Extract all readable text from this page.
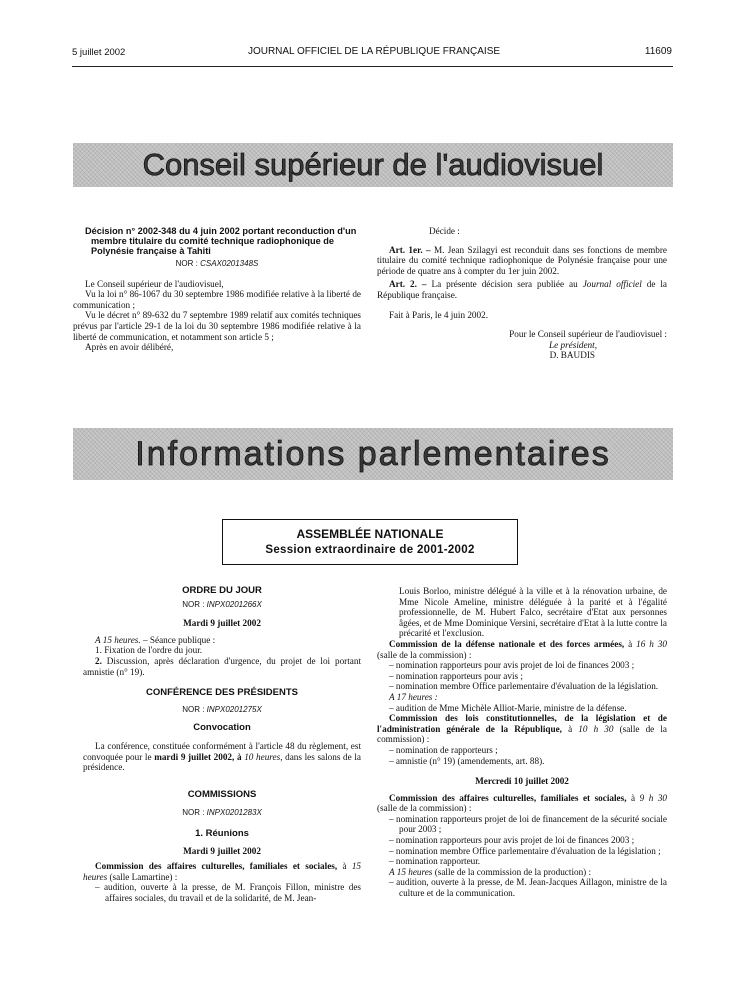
5 juillet 2002	JOURNAL OFFICIEL DE LA RÉPUBLIQUE FRANÇAISE	11609
Conseil supérieur de l'audiovisuel

Décision n° 2002-348 du 4 juin 2002 portant reconduction d'un membre titulaire du comité technique radiophonique de Polynésie française à Tahiti

NOR : CSAX0201348S

Le Conseil supérieur de l'audiovisuel,

Vu la loi n° 86-1067 du 30 septembre 1986 modifiée relative à la liberté de communication ;

Vu le décret n° 89-632 du 7 septembre 1989 relatif aux comités techniques prévus par l'article 29-1 de la loi du 30 septembre 1986 modifiée relative à la liberté de communication, et notamment son article 5 ;

Après en avoir délibéré,

Décide :

Art. 1er. – M. Jean Szilagyi est reconduit dans ses fonctions de membre titulaire du comité technique radiophonique de Polynésie française pour une période de quatre ans à compter du 1er juin 2002.

Art. 2. – La présente décision sera publiée au Journal officiel de la République française.

Fait à Paris, le 4 juin 2002.

Pour le Conseil supérieur de l'audiovisuel :

Le président,

D. BAUDIS

Informations parlementaires
ASSEMBLÉE NATIONALE
Session extraordinaire de 2001-2002

ORDRE DU JOUR

NOR : INPX0201266X

Mardi 9 juillet 2002

A 15 heures. – Séance publique :

1. Fixation de l'ordre du jour.

2. Discussion, après déclaration d'urgence, du projet de loi portant amnistie (n° 19).

CONFÉRENCE DES PRÉSIDENTS

NOR : INPX0201275X

Convocation

La conférence, constituée conformément à l'article 48 du règlement, est convoquée pour le mardi 9 juillet 2002, à 10 heures, dans les salons de la présidence.

COMMISSIONS

NOR : INPX0201283X

1. Réunions

Mardi 9 juillet 2002

Commission des affaires culturelles, familiales et sociales, à 15 heures (salle Lamartine) :

– audition, ouverte à la presse, de M. François Fillon, ministre des affaires sociales, du travail et de la solidarité, de M. Jean-

Louis Borloo, ministre délégué à la ville et à la rénovation urbaine, de Mme Nicole Ameline, ministre déléguée à la parité et à l'égalité professionnelle, de M. Hubert Falco, secrétaire d'Etat aux personnes âgées, et de Mme Dominique Versini, secrétaire d'Etat à la lutte contre la précarité et l'exclusion.

Commission de la défense nationale et des forces armées, à 16 h 30 (salle de la commission) :

– nomination rapporteurs pour avis projet de loi de finances 2003 ;

– nomination rapporteurs pour avis ;

– nomination membre Office parlementaire d'évaluation de la législation.

A 17 heures :

– audition de Mme Michèle Alliot-Marie, ministre de la défense.

Commission des lois constitutionnelles, de la législation et de l'administration générale de la République, à 10 h 30 (salle de la commission) :

– nomination de rapporteurs ;

– amnistie (n° 19) (amendements, art. 88).

Mercredi 10 juillet 2002

Commission des affaires culturelles, familiales et sociales, à 9 h 30 (salle de la commission) :

– nomination rapporteurs projet de loi de financement de la sécurité sociale pour 2003 ;

– nomination rapporteurs pour avis projet de loi de finances 2003 ;

– nomination membre Office parlementaire d'évaluation de la législation ;

– nomination rapporteur.

A 15 heures (salle de la commission de la production) :

– audition, ouverte à la presse, de M. Jean-Jacques Aillagon, ministre de la culture et de la communication.
